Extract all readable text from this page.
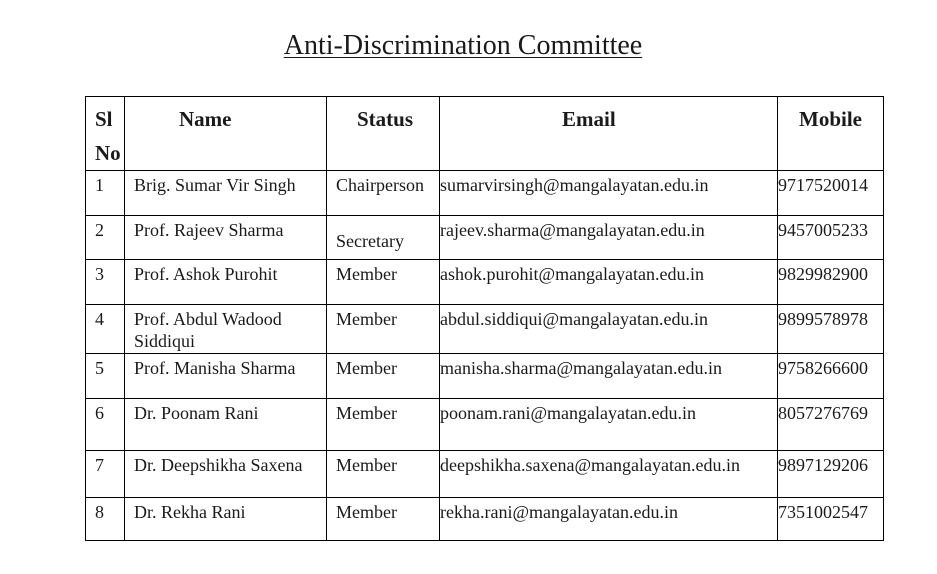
Anti-Discrimination Committee
Sl
No	Name	Status	Email	Mobile
1	Brig. Sumar Vir Singh	Chairperson	sumarvirsingh@mangalayatan.edu.in	9717520014
2	Prof. Rajeev Sharma	Secretary	rajeev.sharma@mangalayatan.edu.in	9457005233
3	Prof. Ashok Purohit	Member	ashok.purohit@mangalayatan.edu.in	9829982900
4	Prof. Abdul Wadood Siddiqui	Member	abdul.siddiqui@mangalayatan.edu.in	9899578978
5	Prof. Manisha Sharma	Member	manisha.sharma@mangalayatan.edu.in	9758266600
6	Dr. Poonam Rani	Member	poonam.rani@mangalayatan.edu.in	8057276769
7	Dr. Deepshikha Saxena	Member	deepshikha.saxena@mangalayatan.edu.in	9897129206
8	Dr. Rekha Rani	Member	rekha.rani@mangalayatan.edu.in	7351002547
